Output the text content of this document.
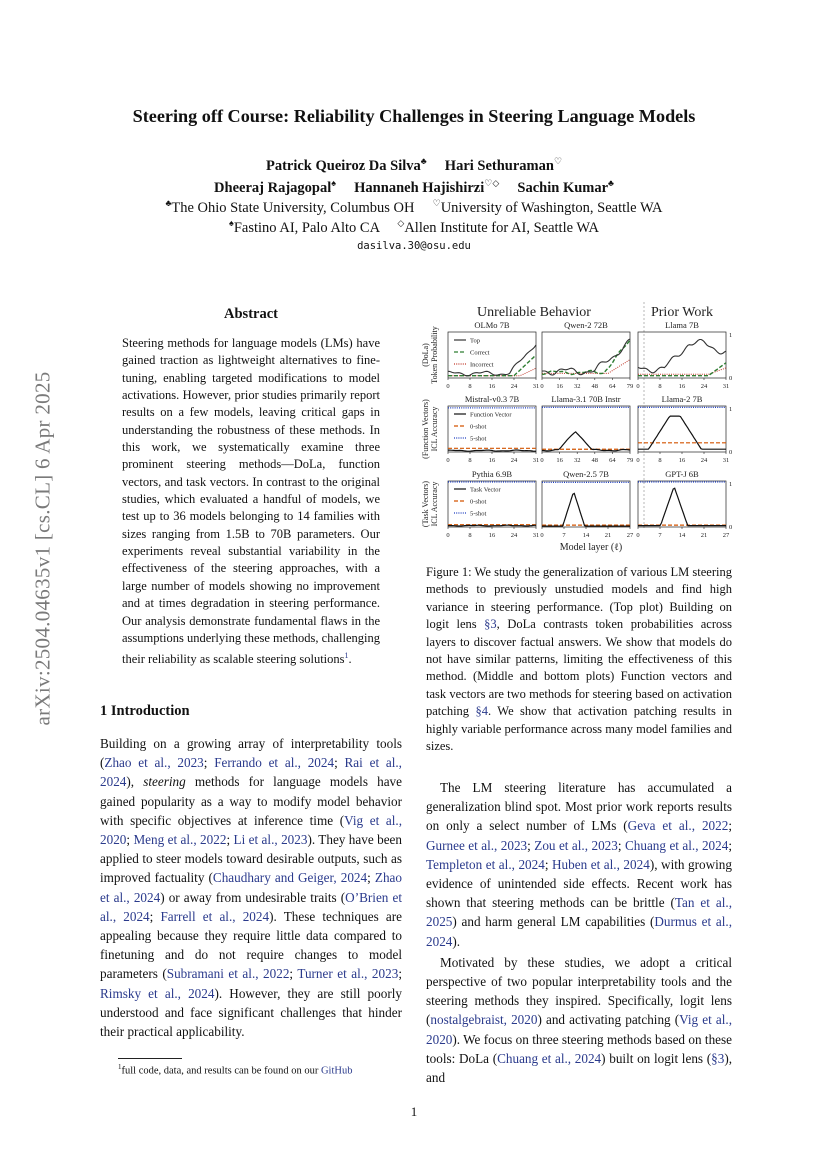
arXiv:2504.04635v1 [cs.CL] 6 Apr 2025
Steering off Course: Reliability Challenges in Steering Language Models
Patrick Queiroz Da Silva♣ Hari Sethuraman♡
Dheeraj Rajagopal♠ Hannaneh Hajishirzi♡◇ Sachin Kumar♣
♣The Ohio State University, Columbus OH ♡University of Washington, Seattle WA
♠Fastino AI, Palo Alto CA ◇Allen Institute for AI, Seattle WA
dasilva.30@osu.edu
Abstract
Steering methods for language models (LMs) have gained traction as lightweight alternatives to fine-tuning, enabling targeted modifications to model activations. However, prior studies primarily report results on a few models, leaving critical gaps in understanding the robustness of these methods. In this work, we systematically examine three prominent steering methods—DoLa, function vectors, and task vectors. In contrast to the original studies, which evaluated a handful of models, we test up to 36 models belonging to 14 families with sizes ranging from 1.5B to 70B parameters. Our experiments reveal substantial variability in the effectiveness of the steering approaches, with a large number of models showing no improvement and at times degradation in steering performance. Our analysis demonstrate fundamental flaws in the assumptions underlying these methods, challenging their reliability as scalable steering solutions$^1$.
1 Introduction
Building on a growing array of interpretability tools (Zhao et al., 2023; Ferrando et al., 2024; Rai et al., 2024), steering methods for language models have gained popularity as a way to modify model behavior with specific objectives at inference time (Vig et al., 2020; Meng et al., 2022; Li et al., 2023). They have been applied to steer models toward desirable outputs, such as improved factuality (Chaudhary and Geiger, 2024; Zhao et al., 2024) or away from undesirable traits (O’Brien et al., 2024; Farrell et al., 2024). These techniques are appealing because they require little data compared to finetuning and do not require changes to model parameters (Subramani et al., 2022; Turner et al., 2023; Rimsky et al., 2024). However, they are still poorly understood and face significant challenges that hinder their practical applicability.
$^1$full code, data, and results can be found on our GitHub
Unreliable Behavior	Prior Work
(DoLa) Token Probability
OLMo 7B
0	8	16 24 31
Qwen-2 72B
0 16 32 48 64 79
Llama 7B
0	8	16 24 31
1
0
Top
Correct
Incorrect
(Function Vectors) ICL Accuracy
Mistral-v0.3 7B
0	8	16 24 31
Llama-3.1 70B Instr
0 16 32 48 64 79
Llama-2 7B
0	8	16 24 31
1
0
Function Vector
0-shot
5-shot
(Task Vectors) ICL Accuracy
Pythia 6.9B
0	8	16 24 31
Qwen-2.5 7B
0	7	14 21 27
GPT-J 6B
0	7	14 21 27
1
0
Task Vector
0-shot
5-shot
Model layer (ℓ)
Figure 1: We study the generalization of various LM steering methods to previously unstudied models and find high variance in steering performance. (Top plot) Building on logit lens §3, DoLa contrasts token probabilities across layers to discover factual answers. We show that models do not have similar patterns, limiting the effectiveness of this method. (Middle and bottom plots) Function vectors and task vectors are two methods for steering based on activation patching §4. We show that activation patching results in highly variable performance across many model families and sizes.
The LM steering literature has accumulated a generalization blind spot. Most prior work reports results on only a select number of LMs (Geva et al., 2022; Gurnee et al., 2023; Zou et al., 2023; Chuang et al., 2024; Templeton et al., 2024; Huben et al., 2024), with growing evidence of unintended side effects. Recent work has shown that steering methods can be brittle (Tan et al., 2025) and harm general LM capabilities (Durmus et al., 2024).
Motivated by these studies, we adopt a critical perspective of two popular interpretability tools and the steering methods they inspired. Specifically, logit lens (nostalgebraist, 2020) and activating patching (Vig et al., 2020). We focus on three steering methods based on these tools: DoLa (Chuang et al., 2024) built on logit lens (§3), and
1
